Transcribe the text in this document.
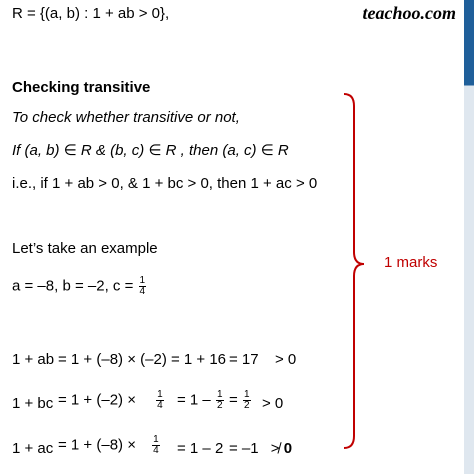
teachoo.com
R = {(a, b) : 1 + ab > 0},
Checking transitive
To check whether transitive or not,
If (a, b) ∈ R & (b, c) ∈ R , then (a, c) ∈ R
i.e., if 1 + ab > 0, & 1 + bc > 0, then 1 + ac > 0
Let’s take an example
a = –8, b = –2, $c = \frac{1}{4}$
1 + ab = 1 + (–8) × (–2) = 1 + 16 = 17 > 0
1 + bc = $1 + (-2) \times \frac{1}{4} = 1 - \frac{1}{2} = \frac{1}{2} > 0$
1 + ac = $1 + (-8) \times \frac{1}{4} = 1 - 2 = -1$ ≯ 0
1 marks
